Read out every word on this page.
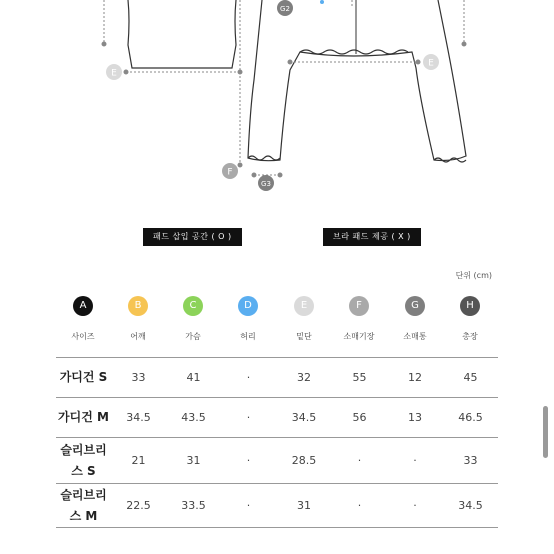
E
E
F
G2
G3
패드 삽입 공간 ( O )	브라 패드 제공 ( X )
단위 (cm)
A	B	C	D	E	F	G	H
사이즈	어깨	가슴	허리	밑단	소매기장	소매통	총장
가디건 S	33	41	·	32	55	12	45
가디건 M	34.5	43.5	·	34.5	56	13	46.5
슬리브리스 S	21	31	·	28.5	·	·	33
슬리브리스 M	22.5	33.5	·	31	·	·	34.5
